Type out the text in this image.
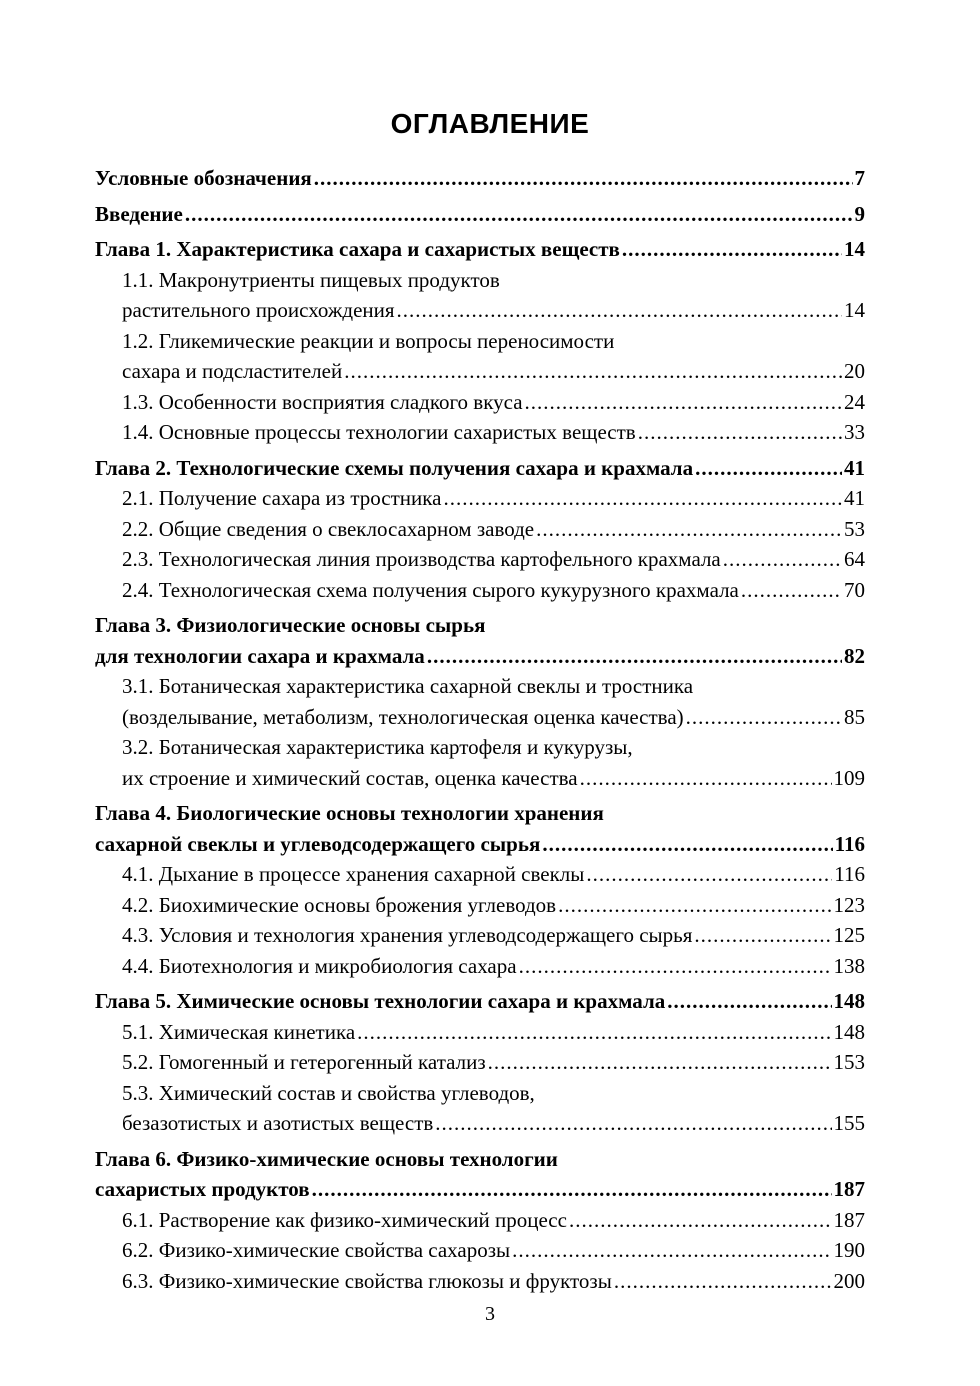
ОГЛАВЛЕНИЕ
Условные обозначения .....	7
Введение .....	9
Глава 1. Характеристика сахара и сахаристых веществ .....	14
1.1. Макронутриенты пищевых продуктов
растительного происхождения .....	14
1.2. Гликемические реакции и вопросы переносимости
сахара и подсластителей .....	20
1.3. Особенности восприятия сладкого вкуса .....	24
1.4. Основные процессы технологии сахаристых веществ .....	33
Глава 2. Технологические схемы получения сахара и крахмала .....	41
2.1. Получение сахара из тростника .....	41
2.2. Общие сведения о свеклосахарном заводе .....	53
2.3. Технологическая линия производства картофельного крахмала .....	64
2.4. Технологическая схема получения сырого кукурузного крахмала .....	70
Глава 3. Физиологические основы сырья
для технологии сахара и крахмала .....	82
3.1. Ботаническая характеристика сахарной свеклы и тростника
(возделывание, метаболизм, технологическая оценка качества) .....	85
3.2. Ботаническая характеристика картофеля и кукурузы,
их строение и химический состав, оценка качества .....	109
Глава 4. Биологические основы технологии хранения
сахарной свеклы и углеводсодержащего сырья .....	116
4.1. Дыхание в процессе хранения сахарной свеклы .....	116
4.2. Биохимические основы брожения углеводов .....	123
4.3. Условия и технология хранения углеводсодержащего сырья .....	125
4.4. Биотехнология и микробиология сахара .....	138
Глава 5. Химические основы технологии сахара и крахмала .....	148
5.1. Химическая кинетика .....	148
5.2. Гомогенный и гетерогенный катализ .....	153
5.3. Химический состав и свойства углеводов,
безазотистых и азотистых веществ .....	155
Глава 6. Физико-химические основы технологии
сахаристых продуктов .....	187
6.1. Растворение как физико-химический процесс .....	187
6.2. Физико-химические свойства сахарозы .....	190
6.3. Физико-химические свойства глюкозы и фруктозы .....	200
3
